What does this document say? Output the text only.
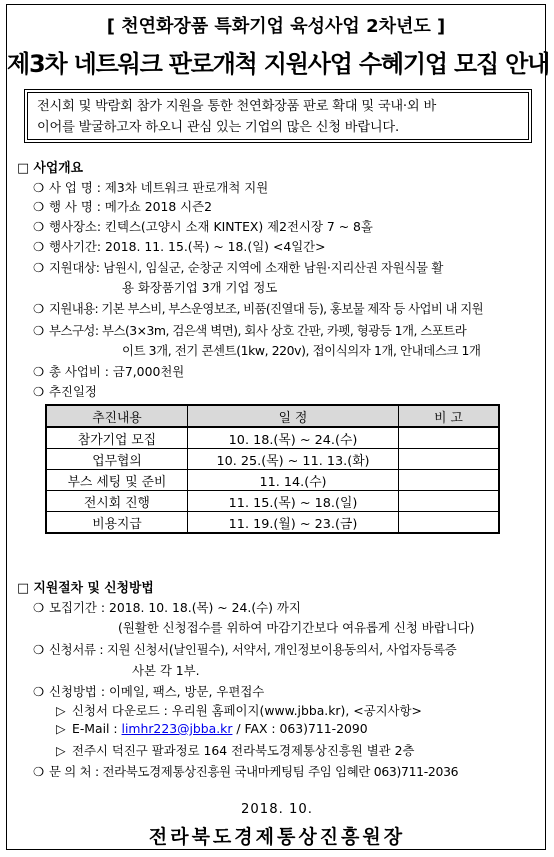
[ 천연화장품 특화기업 육성사업 2차년도 ]
제3차 네트워크 판로개척 지원사업 수혜기업 모집 안내
전시회 및 박람회 참가 지원을 통한 천연화장품 판로 확대 및 국내·외 바
이어를 발굴하고자 하오니 관심 있는 기업의 많은 신청 바랍니다.
□ 사업개요
❍ 사 업 명 : 제3차 네트워크 판로개척 지원
❍ 행 사 명 : 메가쇼 2018 시즌2
❍ 행사장소: 킨텍스(고양시 소재 KINTEX) 제2전시장 7 ~ 8홀
❍ 행사기간: 2018. 11. 15.(목) ~ 18.(일) <4일간>
❍ 지원대상: 남원시, 임실군, 순창군 지역에 소재한 남원·지리산권 자원식물 활
용 화장품기업 3개 기업 정도
❍ 지원내용: 기본 부스비, 부스운영보조, 비품(진열대 등), 홍보물 제작 등 사업비 내 지원
❍ 부스구성: 부스(3×3m, 검은색 벽면), 회사 상호 간판, 카펫, 형광등 1개, 스포트라
이트 3개, 전기 콘센트(1kw, 220v), 접이식의자 1개, 안내데스크 1개
❍ 총 사업비 : 금7,000천원
❍ 추진일정
추진내용	일 정	비 고
참가기업 모집	10. 18.(목) ~ 24.(수)	
업무협의	10. 25.(목) ~ 11. 13.(화)	
부스 세팅 및 준비	11. 14.(수)	
전시회 진행	11. 15.(목) ~ 18.(일)	
비용지급	11. 19.(월) ~ 23.(금)	
□ 지원절차 및 신청방법
❍ 모집기간 : 2018. 10. 18.(목) ~ 24.(수) 까지
(원활한 신청접수를 위하여 마감기간보다 여유롭게 신청 바랍니다)
❍ 신청서류 : 지원 신청서(날인필수), 서약서, 개인정보이용동의서, 사업자등록증
사본 각 1부.
❍ 신청방법 : 이메일, 팩스, 방문, 우편접수
▷ 신청서 다운로드 : 우리원 홈페이지(www.jbba.kr), <공지사항>
▷ E-Mail : limhr223@jbba.kr / FAX : 063)711-2090
▷ 전주시 덕진구 팔과정로 164 전라북도경제통상진흥원 별관 2층
❍ 문 의 처 : 전라북도경제통상진흥원 국내마케팅팀 주임 임혜란 063)711-2036
2018. 10.
전라북도경제통상진흥원장
